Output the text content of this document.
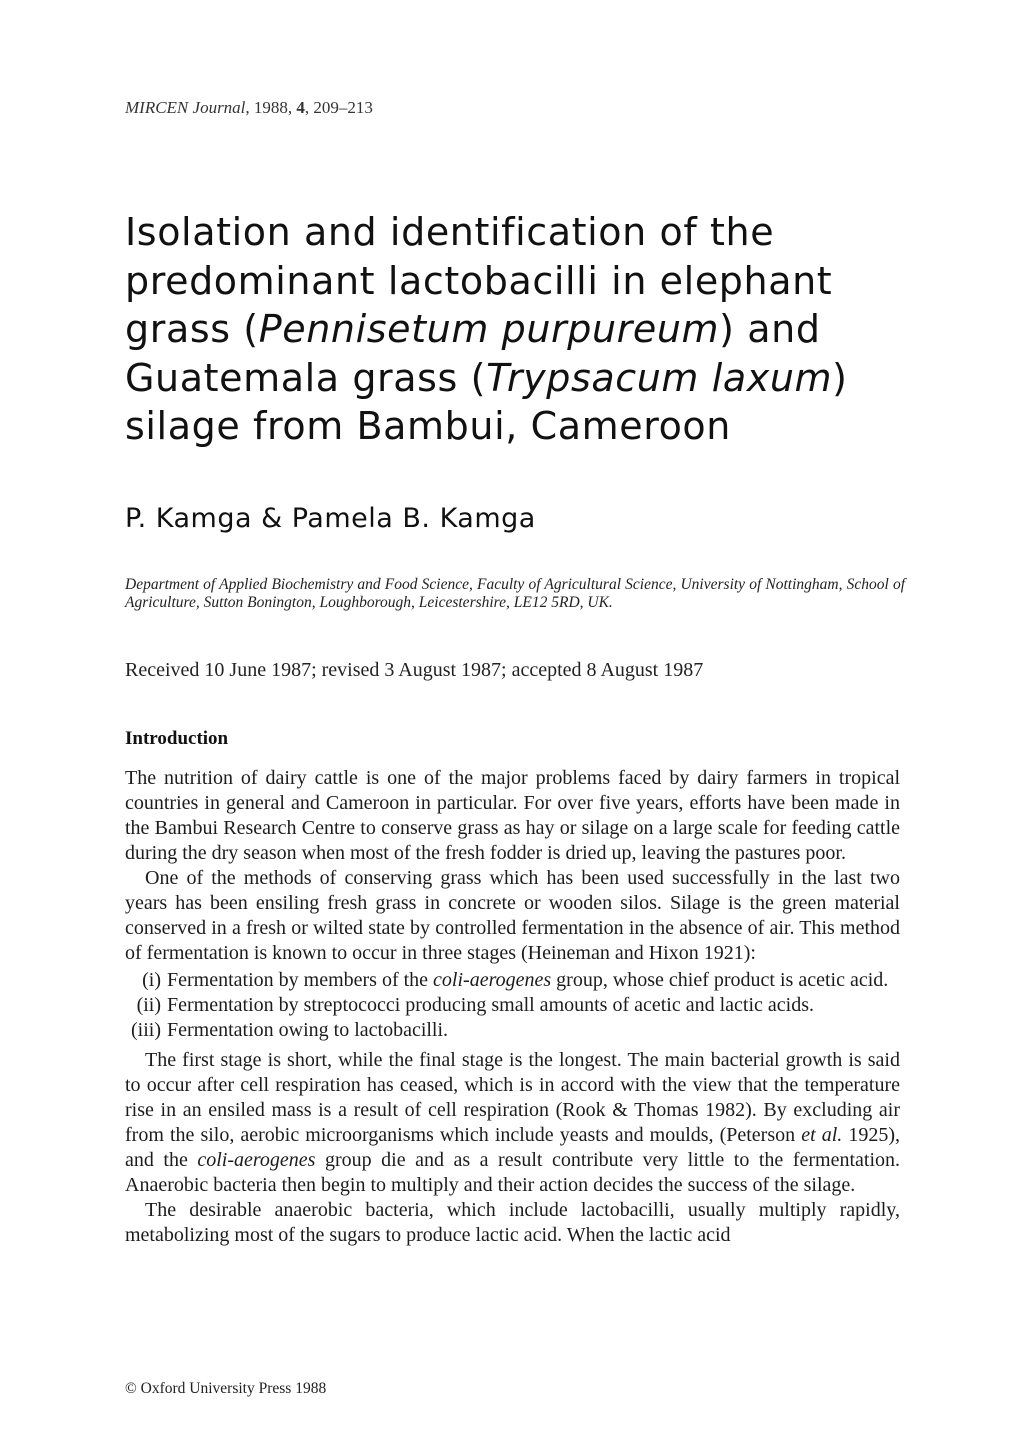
MIRCEN Journal, 1988, 4, 209–213
Isolation and identification of the predominant lactobacilli in elephant grass (Pennisetum purpureum) and Guatemala grass (Trypsacum laxum) silage from Bambui, Cameroon
P. Kamga & Pamela B. Kamga
Department of Applied Biochemistry and Food Science, Faculty of Agricultural Science, University of Nottingham, School of Agriculture, Sutton Bonington, Loughborough, Leicestershire, LE12 5RD, UK.
Received 10 June 1987; revised 3 August 1987; accepted 8 August 1987
Introduction

The nutrition of dairy cattle is one of the major problems faced by dairy farmers in tropical countries in general and Cameroon in particular. For over five years, efforts have been made in the Bambui Research Centre to conserve grass as hay or silage on a large scale for feeding cattle during the dry season when most of the fresh fodder is dried up, leaving the pastures poor.

One of the methods of conserving grass which has been used successfully in the last two years has been ensiling fresh grass in concrete or wooden silos. Silage is the green material conserved in a fresh or wilted state by controlled fermentation in the absence of air. This method of fermentation is known to occur in three stages (Heineman and Hixon 1921):

(i) Fermentation by members of the coli-aerogenes group, whose chief product is acetic acid.
(ii) Fermentation by streptococci producing small amounts of acetic and lactic acids.
(iii) Fermentation owing to lactobacilli.

The first stage is short, while the final stage is the longest. The main bacterial growth is said to occur after cell respiration has ceased, which is in accord with the view that the temperature rise in an ensiled mass is a result of cell respiration (Rook & Thomas 1982). By excluding air from the silo, aerobic microorganisms which include yeasts and moulds, (Peterson et al. 1925), and the coli-aerogenes group die and as a result contribute very little to the fermentation. Anaerobic bacteria then begin to multiply and their action decides the success of the silage.

The desirable anaerobic bacteria, which include lactobacilli, usually multiply rapidly, metabolizing most of the sugars to produce lactic acid. When the lactic acid

© Oxford University Press 1988
